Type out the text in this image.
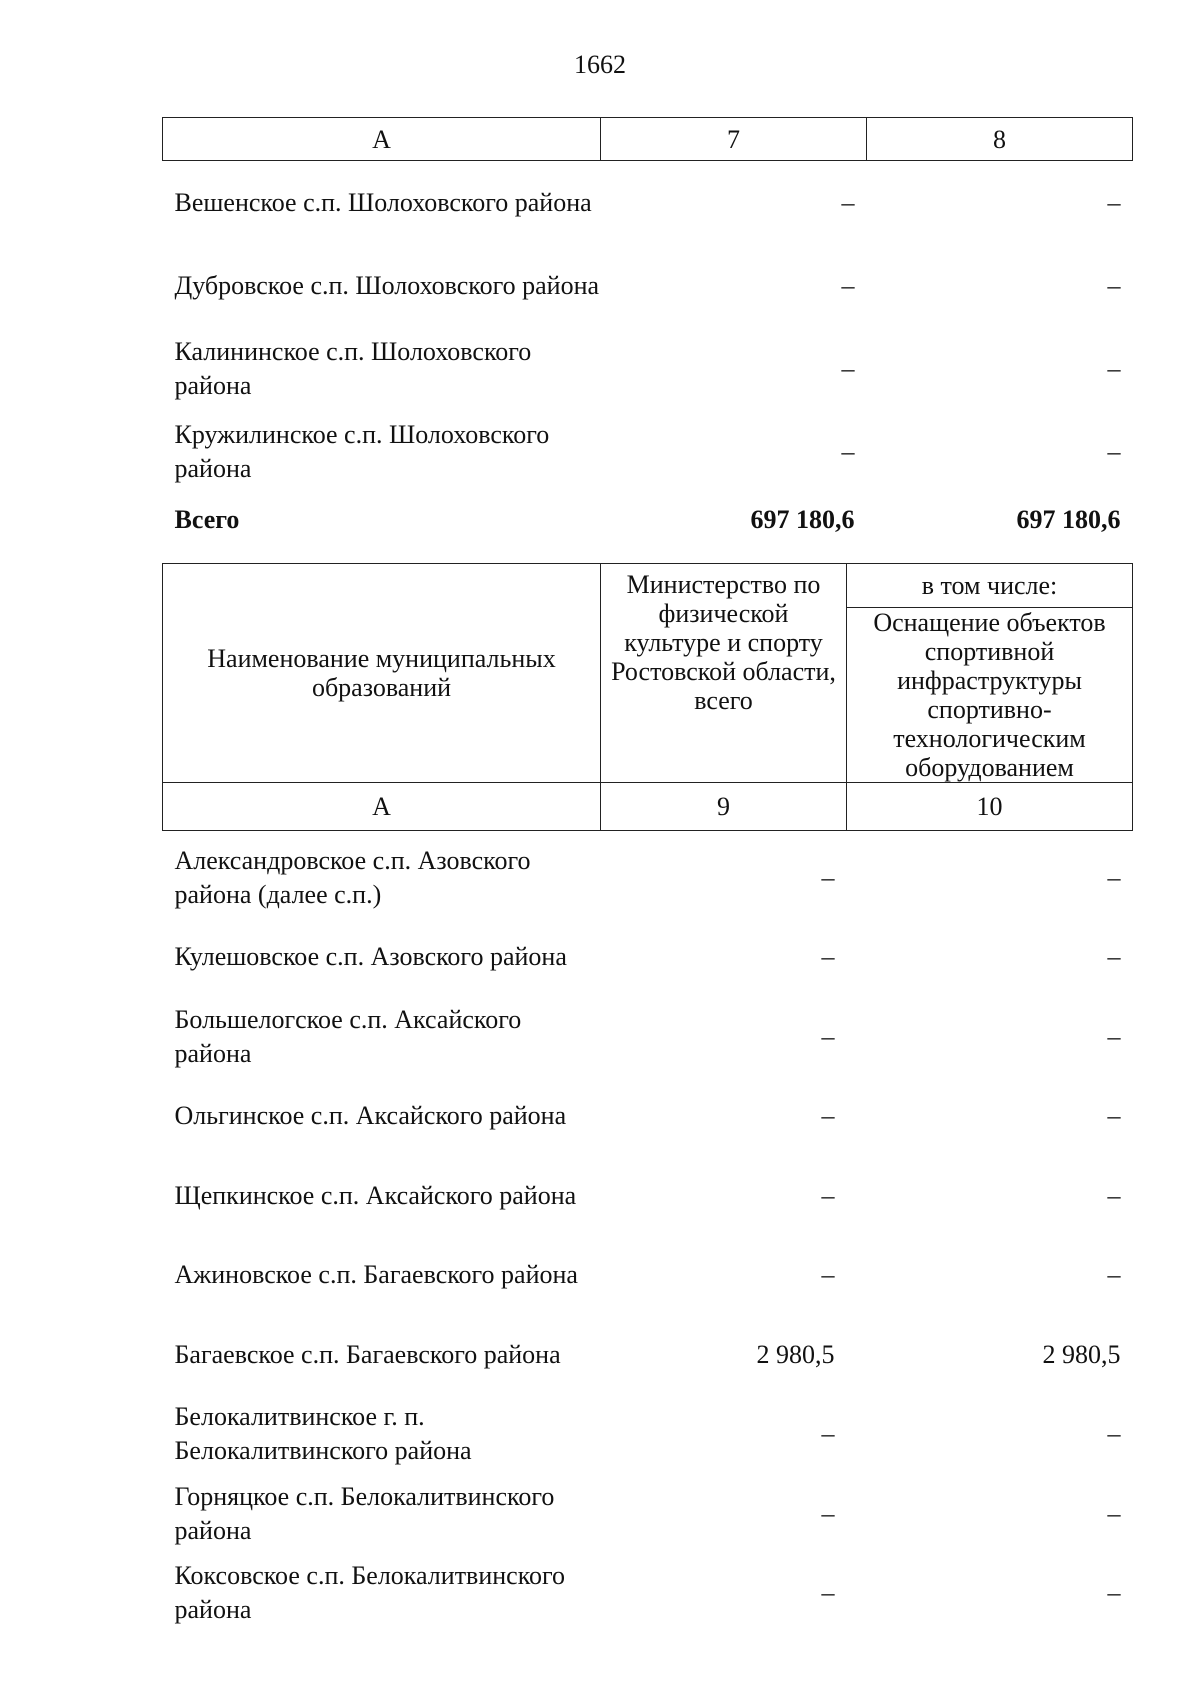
1662
А	7	8
Вешенское с.п. Шолоховского района	–	–
Дубровское с.п. Шолоховского района	–	–
Калининское с.п. Шолоховского района	–	–
Кружилинское с.п. Шолоховского района	–	–
Всего	697 180,6	697 180,6
Наименование муниципальных образований	Министерство по физической культуре и спорту Ростовской области, всего	в том числе:
		Оснащение объектов спортивной инфраструктуры спортивно-технологическим оборудованием
А	9	10
Александровское с.п. Азовского района (далее с.п.)	–	–
Кулешовское с.п. Азовского района	–	–
Большелогское с.п. Аксайского района	–	–
Ольгинское с.п. Аксайского района	–	–
Щепкинское с.п. Аксайского района	–	–
Ажиновское с.п. Багаевского района	–	–
Багаевское с.п. Багаевского района	2 980,5	2 980,5
Белокалитвинское г. п. Белокалитвинского района	–	–
Горняцкое с.п. Белокалитвинского района	–	–
Коксовское с.п. Белокалитвинского района	–	–
